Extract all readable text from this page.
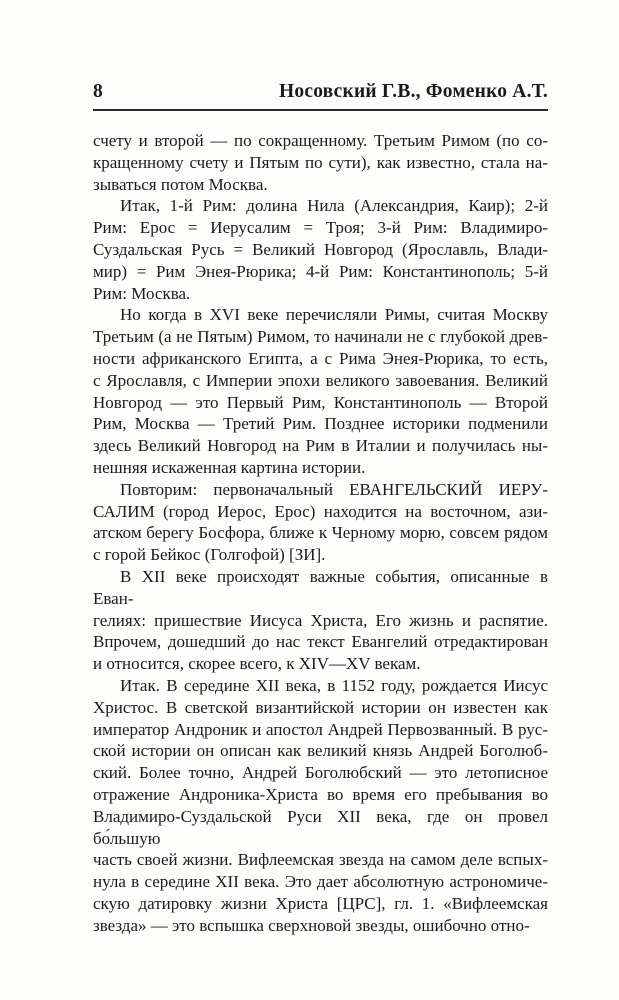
8	Носовский Г.В., Фоменко А.Т.
счету и второй — по сокращенному. Третьим Римом (по со-
кращенному счету и Пятым по сути), как известно, стала на-
зываться потом Москва.
Итак, 1-й Рим: долина Нила (Александрия, Каир); 2-й
Рим: Ерос = Иерусалим = Троя; 3-й Рим: Владимиро-
Суздальская Русь = Великий Новгород (Ярославль, Влади-
мир) = Рим Энея-Рюрика; 4-й Рим: Константинополь; 5-й
Рим: Москва.
Но когда в XVI веке перечисляли Римы, считая Москву
Третьим (а не Пятым) Римом, то начинали не с глубокой древ-
ности африканского Египта, а с Рима Энея-Рюрика, то есть,
с Ярославля, с Империи эпохи великого завоевания. Великий
Новгород — это Первый Рим, Константинополь — Второй
Рим, Москва — Третий Рим. Позднее историки подменили
здесь Великий Новгород на Рим в Италии и получилась ны-
нешняя искаженная картина истории.
Повторим: первоначальный ЕВАНГЕЛЬСКИЙ ИЕРУ-
САЛИМ (город Иерос, Ерос) находится на восточном, ази-
атском берегу Босфора, ближе к Черному морю, совсем рядом
с горой Бейкос (Голгофой) [ЗИ].
В XII веке происходят важные события, описанные в Еван-
гелиях: пришествие Иисуса Христа, Его жизнь и распятие.
Впрочем, дошедший до нас текст Евангелий отредактирован
и относится, скорее всего, к XIV—XV векам.
Итак. В середине XII века, в 1152 году, рождается Иисус
Христос. В светской византийской истории он известен как
император Андроник и апостол Андрей Первозванный. В рус-
ской истории он описан как великий князь Андрей Боголюб-
ский. Более точно, Андрей Боголюбский — это летописное
отражение Андроника-Христа во время его пребывания во
Владимиро-Суздальской Руси XII века, где он провел бо́льшую
часть своей жизни. Вифлеемская звезда на самом деле вспых-
нула в середине XII века. Это дает абсолютную астрономиче-
скую датировку жизни Христа [ЦРС], гл. 1. «Вифлеемская
звезда» — это вспышка сверхновой звезды, ошибочно отно-
